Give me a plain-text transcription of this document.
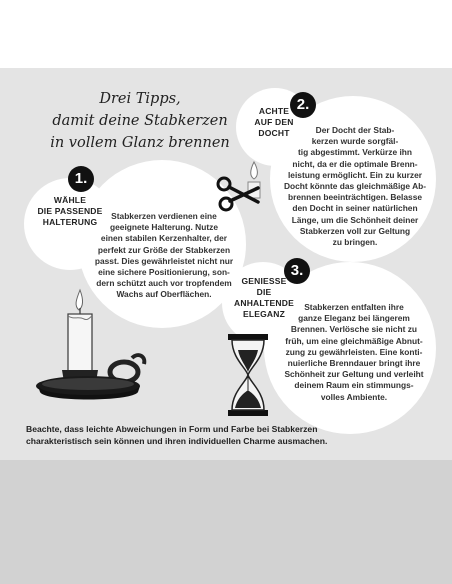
Drei Tipps,
damit deine Stabkerzen
in vollem Glanz brennen
1.
WÄHLE
DIE PASSENDE
HALTERUNG
Stabkerzen verdienen eine
geeignete Halterung. Nutze
einen stabilen Kerzenhalter, der
perfekt zur Größe der Stabkerzen
passt. Dies gewährleistet nicht nur
eine sichere Positionierung, son-
dern schützt auch vor tropfendem
Wachs auf Oberflächen.
2.
ACHTE
AUF DEN
DOCHT	Der Docht der Stab-
kerzen wurde sorgfäl-
tig abgestimmt. Verkürze ihn
nicht, da er die optimale Brenn-
leistung ermöglicht. Ein zu kurzer
Docht könnte das gleichmäßige Ab-
brennen beeinträchtigen. Belasse
den Docht in seiner natürlichen
Länge, um die Schönheit deiner
Stabkerzen voll zur Geltung
zu bringen.
3.
GENIESSE
DIE
ANHALTENDE
ELEGANZ
Stabkerzen entfalten ihre
ganze Eleganz bei längerem
Brennen. Verlösche sie nicht zu
früh, um eine gleichmäßige Abnut-
zung zu gewährleisten. Eine konti-
nuierliche Brenndauer bringt ihre
Schönheit zur Geltung und verleiht
deinem Raum ein stimmungs-
volles Ambiente.
Beachte, dass leichte Abweichungen in Form und Farbe bei Stabkerzen
charakteristisch sein können und ihren individuellen Charme ausmachen.
